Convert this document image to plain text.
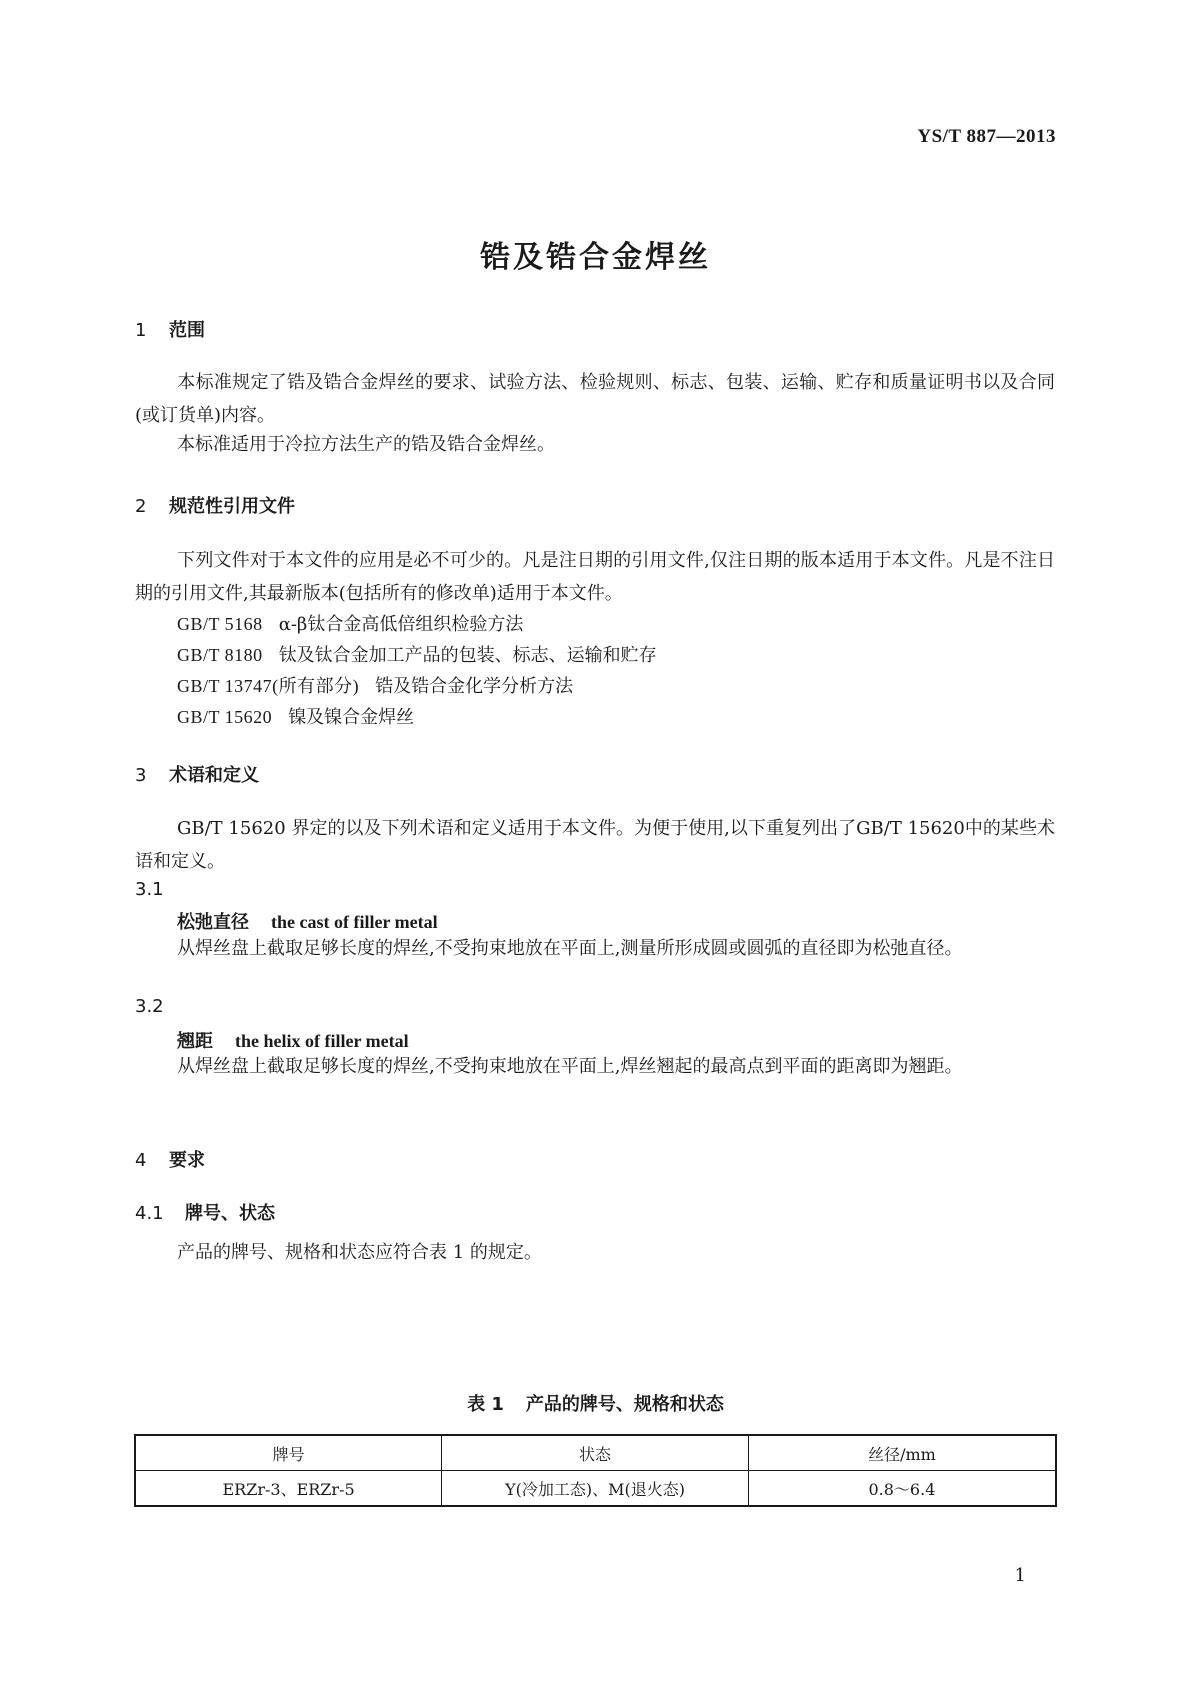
YS/T 887—2013
锆及锆合金焊丝
1 范围
本标准规定了锆及锆合金焊丝的要求、试验方法、检验规则、标志、包装、运输、贮存和质量证明书以及合同(或订货单)内容。
本标准适用于冷拉方法生产的锆及锆合金焊丝。
2 规范性引用文件
下列文件对于本文件的应用是必不可少的。凡是注日期的引用文件,仅注日期的版本适用于本文件。凡是不注日期的引用文件,其最新版本(包括所有的修改单)适用于本文件。
GB/T 5168 α-β钛合金高低倍组织检验方法
GB/T 8180 钛及钛合金加工产品的包装、标志、运输和贮存
GB/T 13747(所有部分) 锆及锆合金化学分析方法
GB/T 15620 镍及镍合金焊丝
3 术语和定义
GB/T 15620 界定的以及下列术语和定义适用于本文件。为便于使用,以下重复列出了GB/T 15620中的某些术语和定义。
3.1
松弛直径 the cast of filler metal
从焊丝盘上截取足够长度的焊丝,不受拘束地放在平面上,测量所形成圆或圆弧的直径即为松弛直径。
3.2
翘距 the helix of filler metal
从焊丝盘上截取足够长度的焊丝,不受拘束地放在平面上,焊丝翘起的最高点到平面的距离即为翘距。
4 要求
4.1 牌号、状态
产品的牌号、规格和状态应符合表 1 的规定。
表 1 产品的牌号、规格和状态
牌号	状态	丝径/mm
ERZr-3、ERZr-5	Y(冷加工态)、M(退火态)	0.8～6.4
1
